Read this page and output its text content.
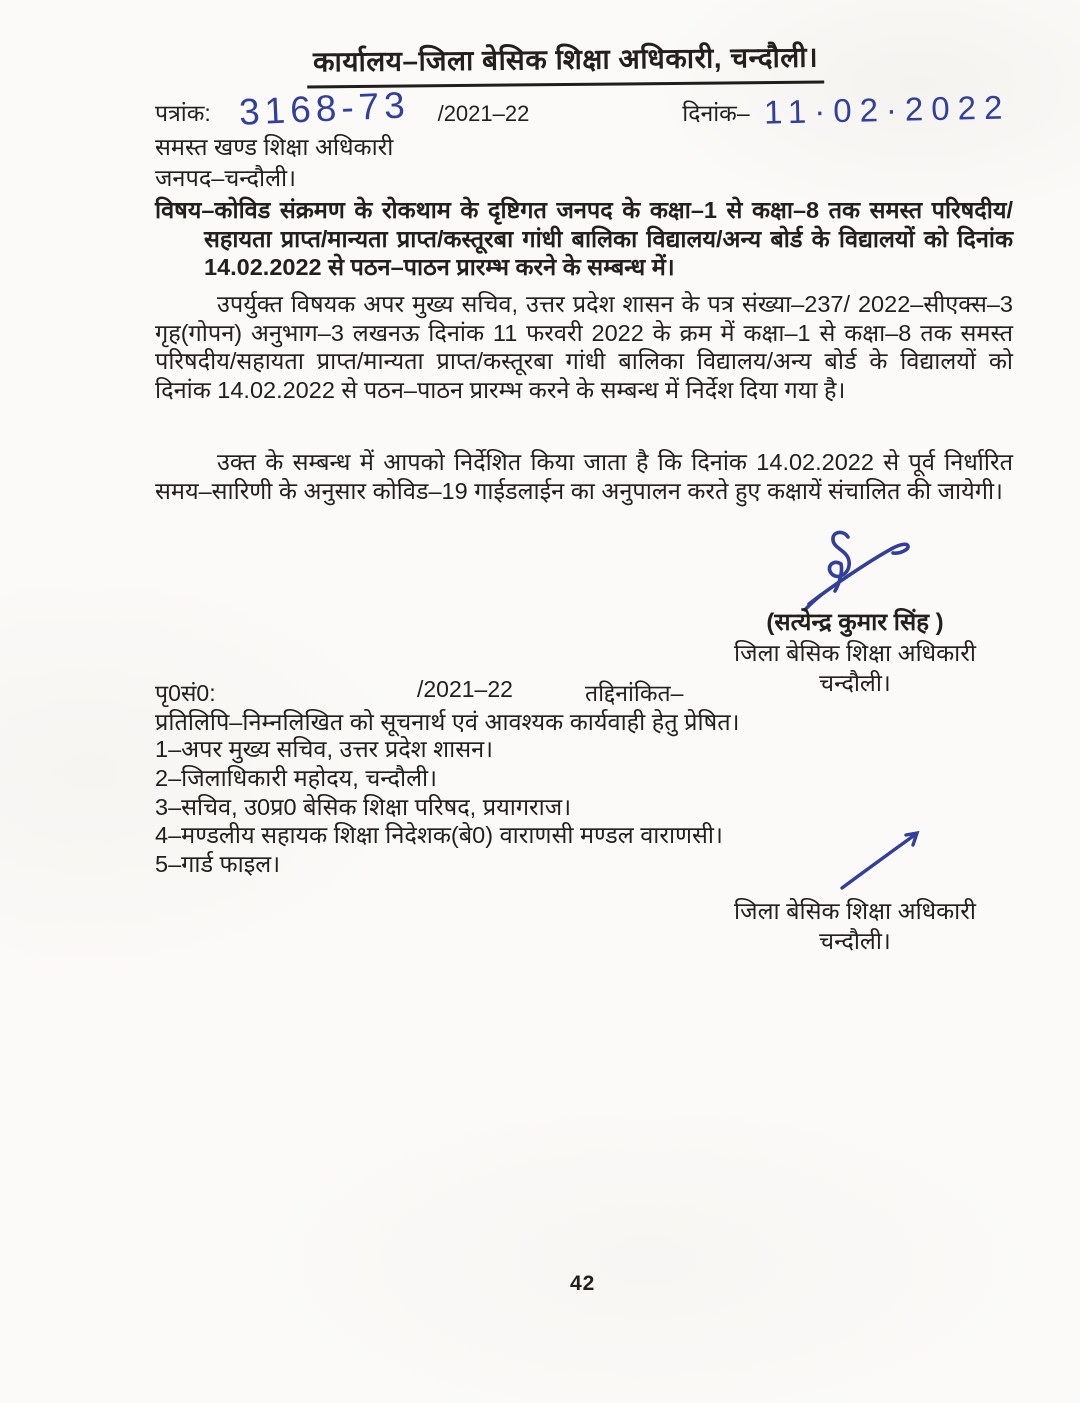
कार्यालय–जिला बेसिक शिक्षा अधिकारी, चन्दौली।
पत्रांक: 3168-73 /2021–22	दिनांक– 11·02·2022
समस्त खण्ड शिक्षा अधिकारी
जनपद–चन्दौली।
विषय–कोविड संक्रमण के रोकथाम के दृष्टिगत जनपद के कक्षा–1 से कक्षा–8 तक समस्त परिषदीय/सहायता प्राप्त/मान्यता प्राप्त/कस्तूरबा गांधी बालिका विद्यालय/अन्य बोर्ड के विद्यालयों को दिनांक 14.02.2022 से पठन–पाठन प्रारम्भ करने के सम्बन्ध में।
उपर्युक्त विषयक अपर मुख्य सचिव, उत्तर प्रदेश शासन के पत्र संख्या–237/ 2022–सीएक्स–3 गृह(गोपन) अनुभाग–3 लखनऊ दिनांक 11 फरवरी 2022 के क्रम में कक्षा–1 से कक्षा–8 तक समस्त परिषदीय/सहायता प्राप्त/मान्यता प्राप्त/कस्तूरबा गांधी बालिका विद्यालय/अन्य बोर्ड के विद्यालयों को दिनांक 14.02.2022 से पठन–पाठन प्रारम्भ करने के सम्बन्ध में निर्देश दिया गया है।
उक्त के सम्बन्ध में आपको निर्देशित किया जाता है कि दिनांक 14.02.2022 से पूर्व निर्धारित समय–सारिणी के अनुसार कोविड–19 गाईडलाईन का अनुपालन करते हुए कक्षायें संचालित की जायेगी।
(सत्येन्द्र कुमार सिंह )
जिला बेसिक शिक्षा अधिकारी
चन्दौली।
पृ0सं0:	/2021–22	तद्दिनांकित–
प्रतिलिपि–निम्नलिखित को सूचनार्थ एवं आवश्यक कार्यवाही हेतु प्रेषित।
1–अपर मुख्य सचिव, उत्तर प्रदेश शासन।
2–जिलाधिकारी महोदय, चन्दौली।
3–सचिव, उ0प्र0 बेसिक शिक्षा परिषद, प्रयागराज।
4–मण्डलीय सहायक शिक्षा निदेशक(बे0) वाराणसी मण्डल वाराणसी।
5–गार्ड फाइल।
जिला बेसिक शिक्षा अधिकारी
चन्दौली।
42
